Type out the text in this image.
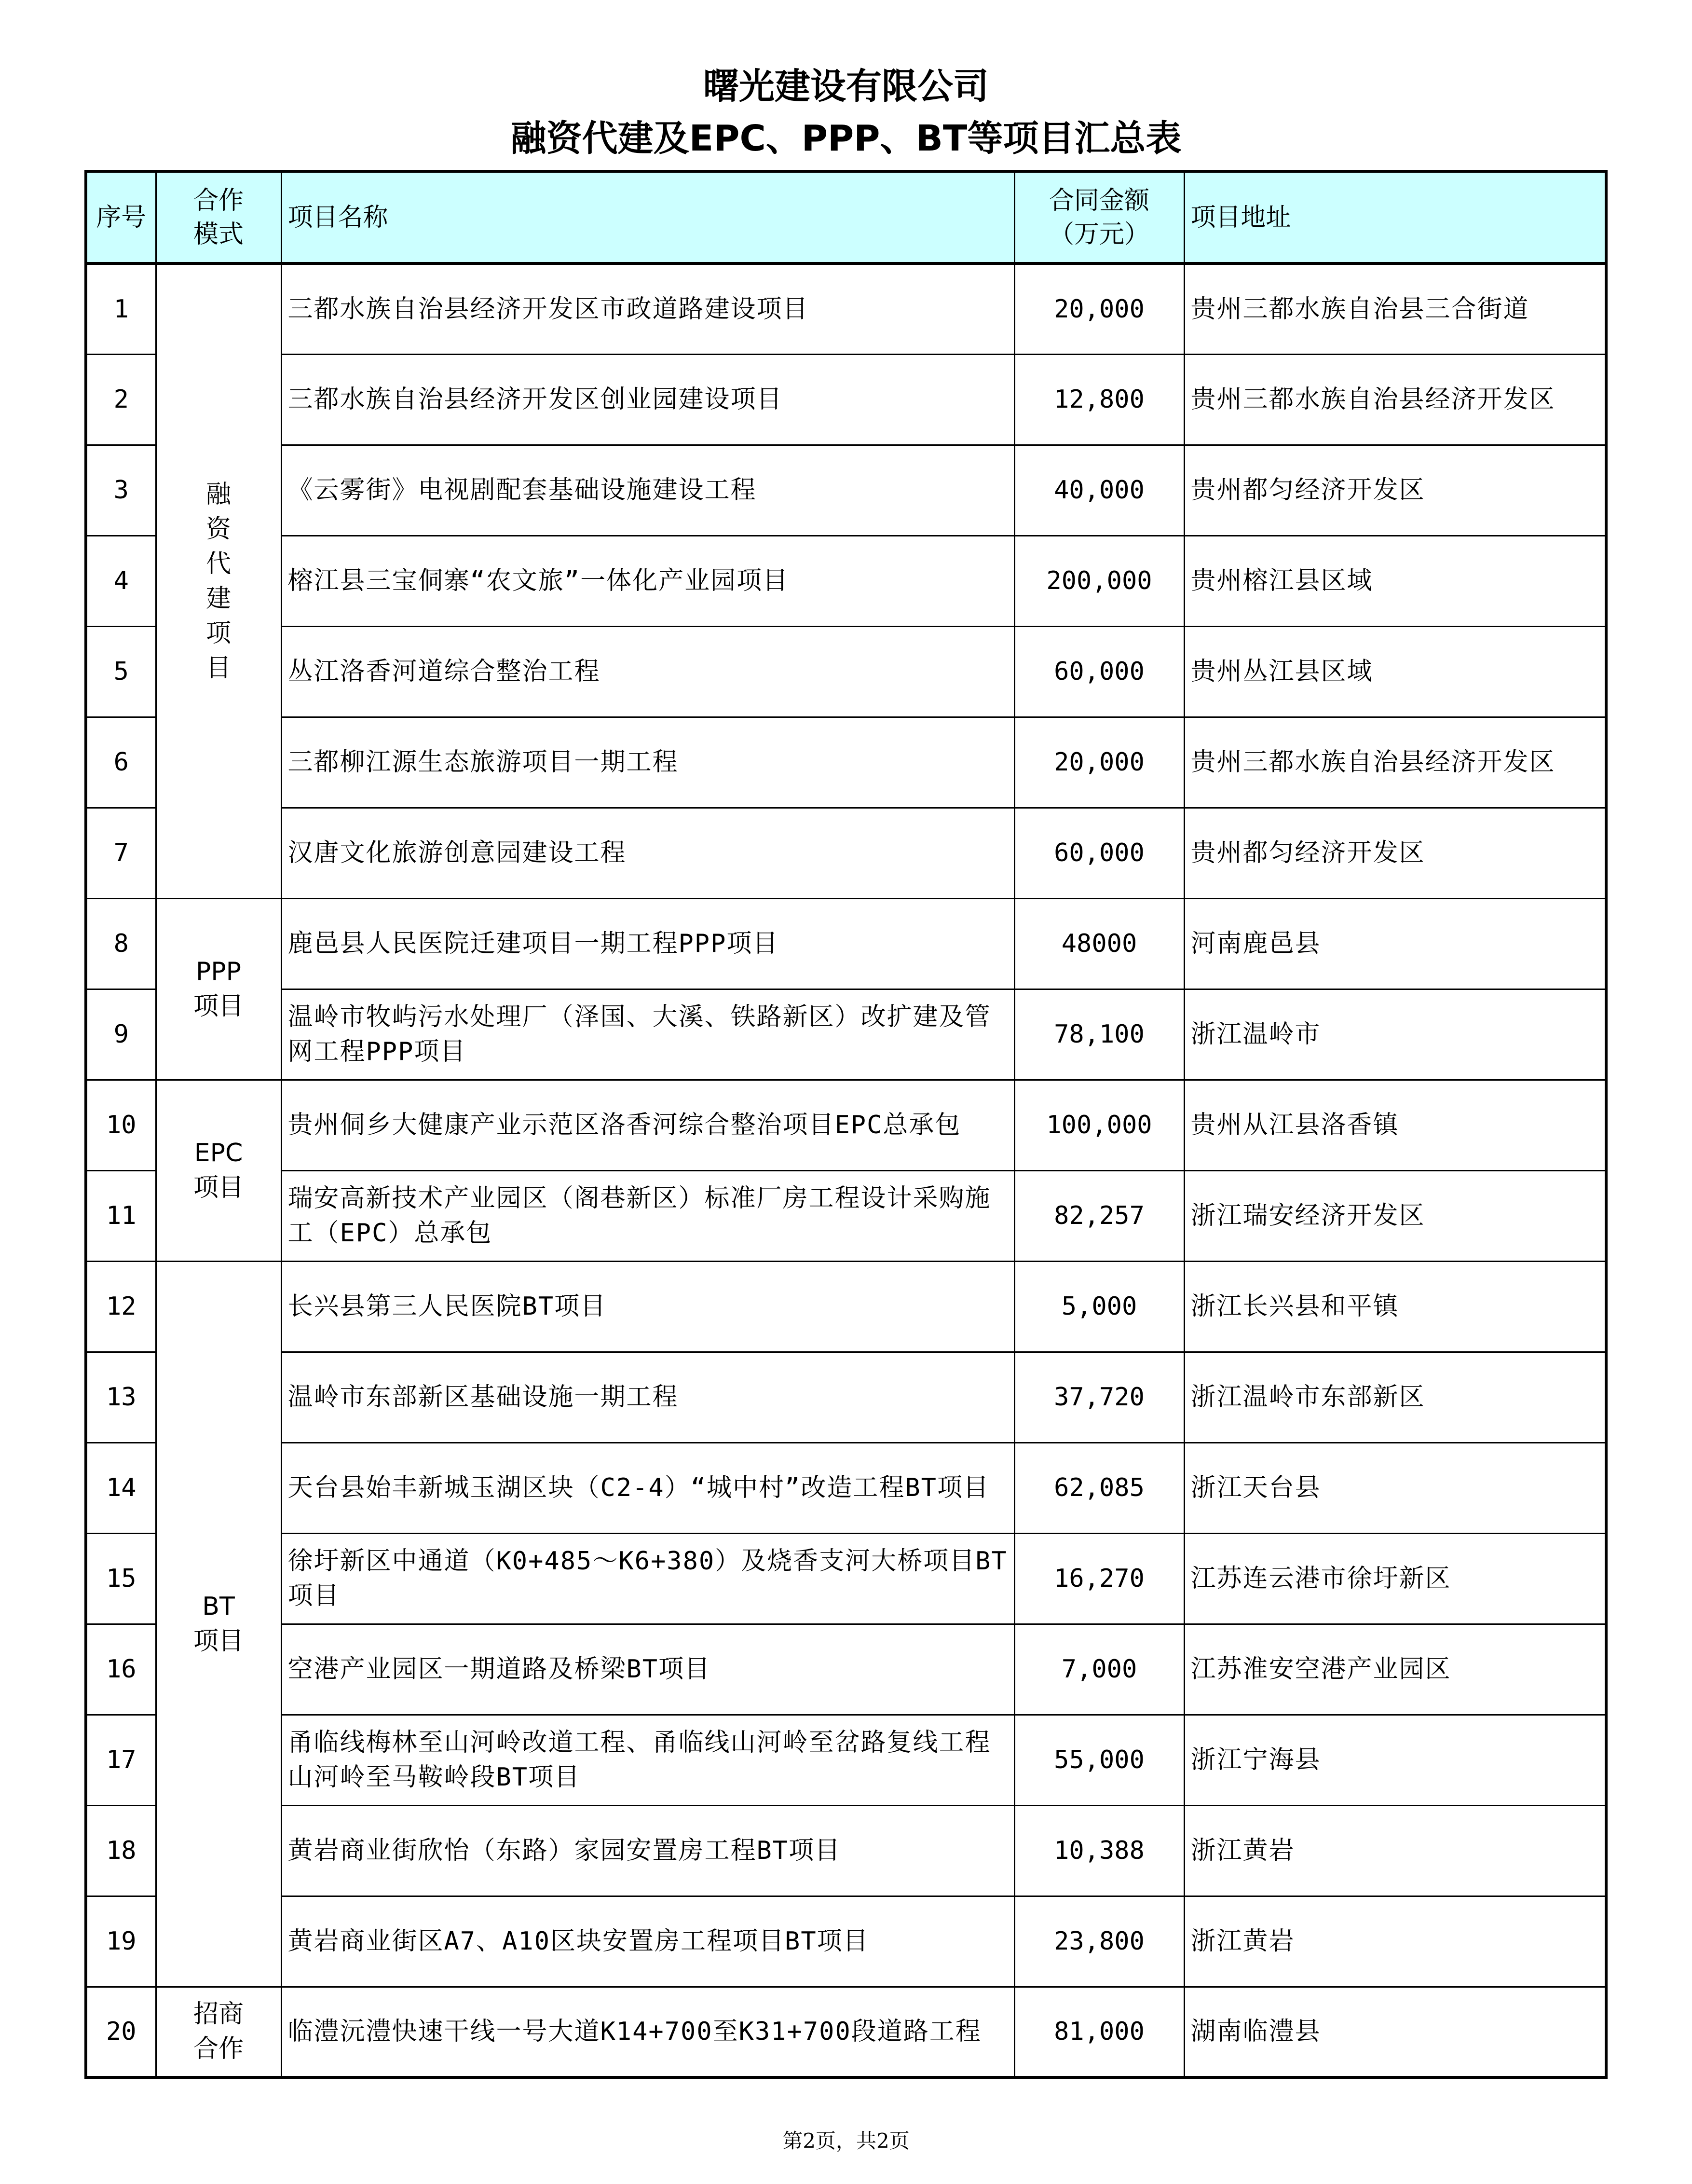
曙光建设有限公司
融资代建及EPC、PPP、BT等项目汇总表
序号	合作模式	项目名称	合同金额（万元）	项目地址
1	融资代建项目	三都水族自治县经济开发区市政道路建设项目	20,000	贵州三都水族自治县三合街道
2		三都水族自治县经济开发区创业园建设项目	12,800	贵州三都水族自治县经济开发区
3		《云雾街》电视剧配套基础设施建设工程	40,000	贵州都匀经济开发区
4		榕江县三宝侗寨“农文旅”一体化产业园项目	200,000	贵州榕江县区域
5		丛江洛香河道综合整治工程	60,000	贵州丛江县区域
6		三都柳江源生态旅游项目一期工程	20,000	贵州三都水族自治县经济开发区
7		汉唐文化旅游创意园建设工程	60,000	贵州都匀经济开发区
8	PPP项目	鹿邑县人民医院迁建项目一期工程PPP项目	48000	河南鹿邑县
9		温岭市牧屿污水处理厂（泽国、大溪、铁路新区）改扩建及管网工程PPP项目	78,100	浙江温岭市
10	EPC项目	贵州侗乡大健康产业示范区洛香河综合整治项目EPC总承包	100,000	贵州从江县洛香镇
11		瑞安高新技术产业园区（阁巷新区）标准厂房工程设计采购施工（EPC）总承包	82,257	浙江瑞安经济开发区
12	BT项目	长兴县第三人民医院BT项目	5,000	浙江长兴县和平镇
13		温岭市东部新区基础设施一期工程	37,720	浙江温岭市东部新区
14		天台县始丰新城玉湖区块（C2-4）“城中村”改造工程BT项目	62,085	浙江天台县
15		徐圩新区中通道（K0+485～K6+380）及烧香支河大桥项目BT项目	16,270	江苏连云港市徐圩新区
16		空港产业园区一期道路及桥梁BT项目	7,000	江苏淮安空港产业园区
17		甬临线梅林至山河岭改道工程、甬临线山河岭至岔路复线工程山河岭至马鞍岭段BT项目	55,000	浙江宁海县
18		黄岩商业街欣怡（东路）家园安置房工程BT项目	10,388	浙江黄岩
19		黄岩商业街区A7、A10区块安置房工程项目BT项目	23,800	浙江黄岩
20	招商合作	临澧沅澧快速干线一号大道K14+700至K31+700段道路工程	81,000	湖南临澧县
第2页，共2页
